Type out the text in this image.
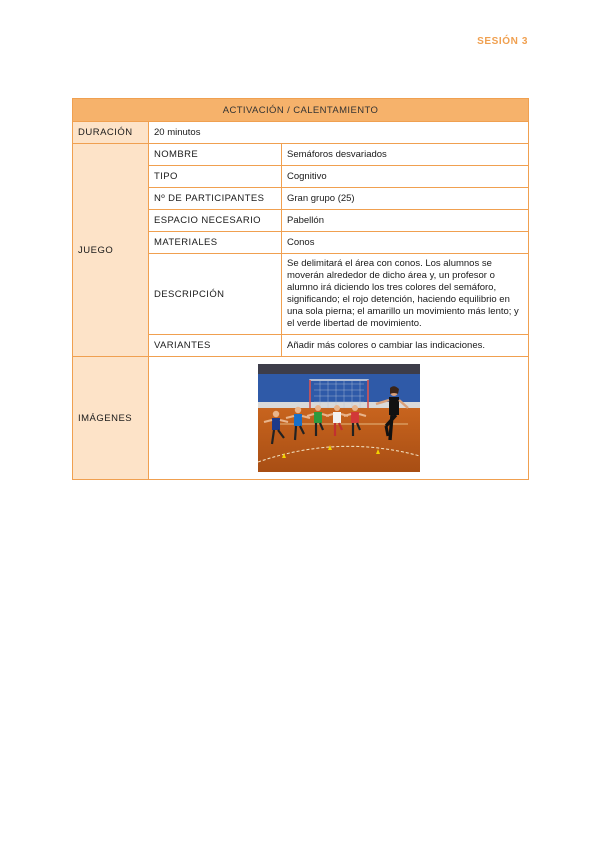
SESIÓN 3
ACTIVACIÓN / CALENTAMIENTO		
DURACIÓN	20 minutos	
JUEGO	NOMBRE	Semáforos desvariados
	TIPO	Cognitivo
	Nº DE PARTICIPANTES	Gran grupo (25)
	ESPACIO NECESARIO	Pabellón
	MATERIALES	Conos
	DESCRIPCIÓN	Se delimitará el área con conos. Los alumnos se moverán alrededor de dicho área y, un profesor o alumno irá diciendo los tres colores del semáforo, significando; el rojo detención, haciendo equilibrio en una sola pierna; el amarillo un movimiento más lento; y el verde libertad de movimiento.
	VARIANTES	Añadir más colores o cambiar las indicaciones.
IMÁGENES	
